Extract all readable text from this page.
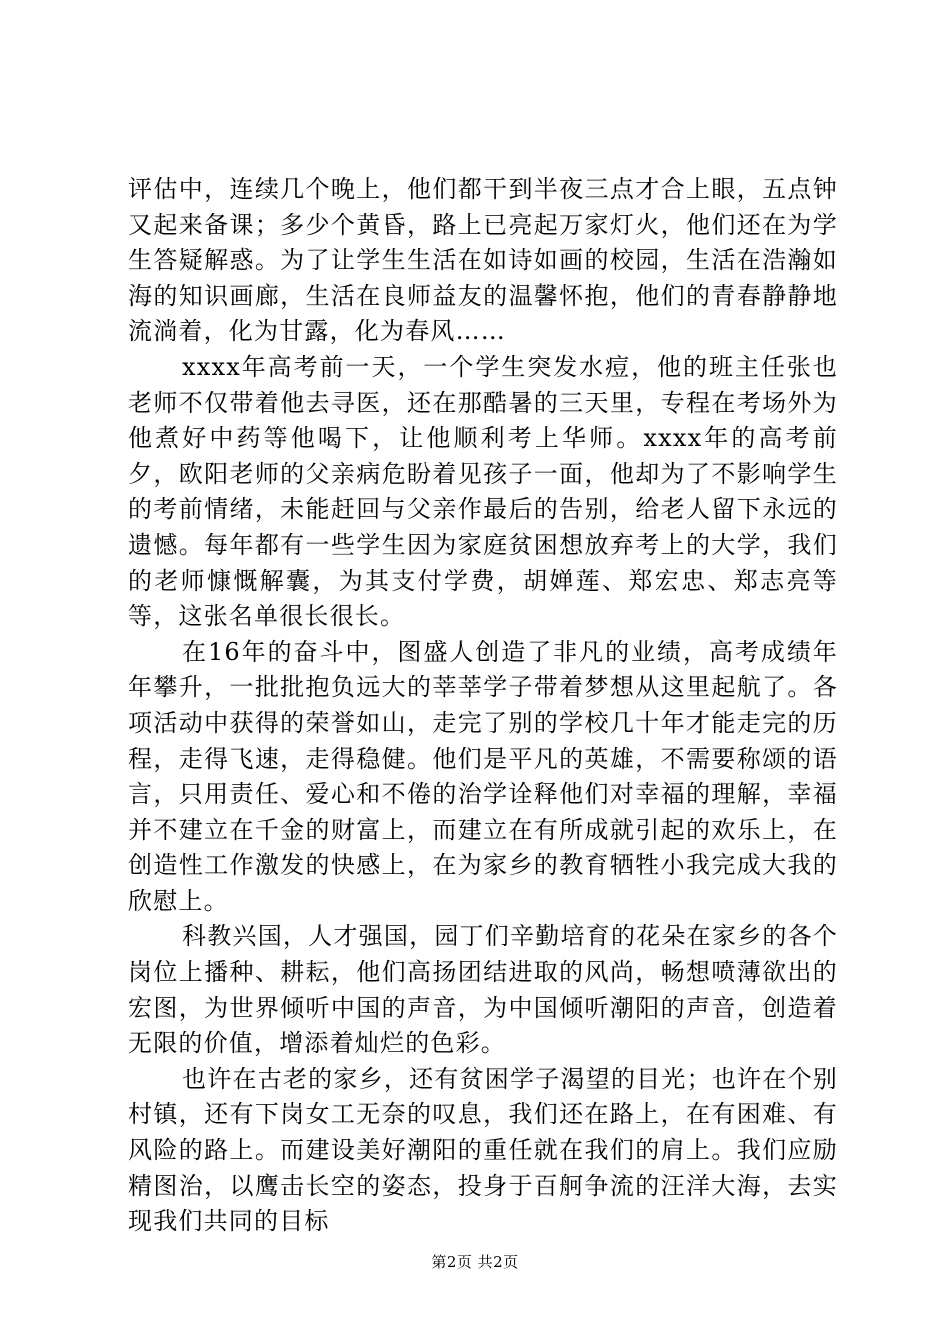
评估中，连续几个晚上，他们都干到半夜三点才合上眼，五点钟又起来备课；多少个黄昏，路上已亮起万家灯火，他们还在为学生答疑解惑。为了让学生生活在如诗如画的校园，生活在浩瀚如海的知识画廊，生活在良师益友的温馨怀抱，他们的青春静静地流淌着，化为甘露，化为春风……

xxxx年高考前一天，一个学生突发水痘，他的班主任张也老师不仅带着他去寻医，还在那酷暑的三天里，专程在考场外为他煮好中药等他喝下，让他顺利考上华师。xxxx年的高考前夕，欧阳老师的父亲病危盼着见孩子一面，他却为了不影响学生的考前情绪，未能赶回与父亲作最后的告别，给老人留下永远的遗憾。每年都有一些学生因为家庭贫困想放弃考上的大学，我们的老师慷慨解囊，为其支付学费，胡婵莲、郑宏忠、郑志亮等等，这张名单很长很长。

在16年的奋斗中，图盛人创造了非凡的业绩，高考成绩年年攀升，一批批抱负远大的莘莘学子带着梦想从这里起航了。各项活动中获得的荣誉如山，走完了别的学校几十年才能走完的历程，走得飞速，走得稳健。他们是平凡的英雄，不需要称颂的语言，只用责任、爱心和不倦的治学诠释他们对幸福的理解，幸福并不建立在千金的财富上，而建立在有所成就引起的欢乐上，在创造性工作激发的快感上，在为家乡的教育牺牲小我完成大我的欣慰上。

科教兴国，人才强国，园丁们辛勤培育的花朵在家乡的各个岗位上播种、耕耘，他们高扬团结进取的风尚，畅想喷薄欲出的宏图，为世界倾听中国的声音，为中国倾听潮阳的声音，创造着无限的价值，增添着灿烂的色彩。

也许在古老的家乡，还有贫困学子渴望的目光；也许在个别村镇，还有下岗女工无奈的叹息，我们还在路上，在有困难、有风险的路上。而建设美好潮阳的重任就在我们的肩上。我们应励精图治，以鹰击长空的姿态，投身于百舸争流的汪洋大海，去实现我们共同的目标

第2页 共2页
